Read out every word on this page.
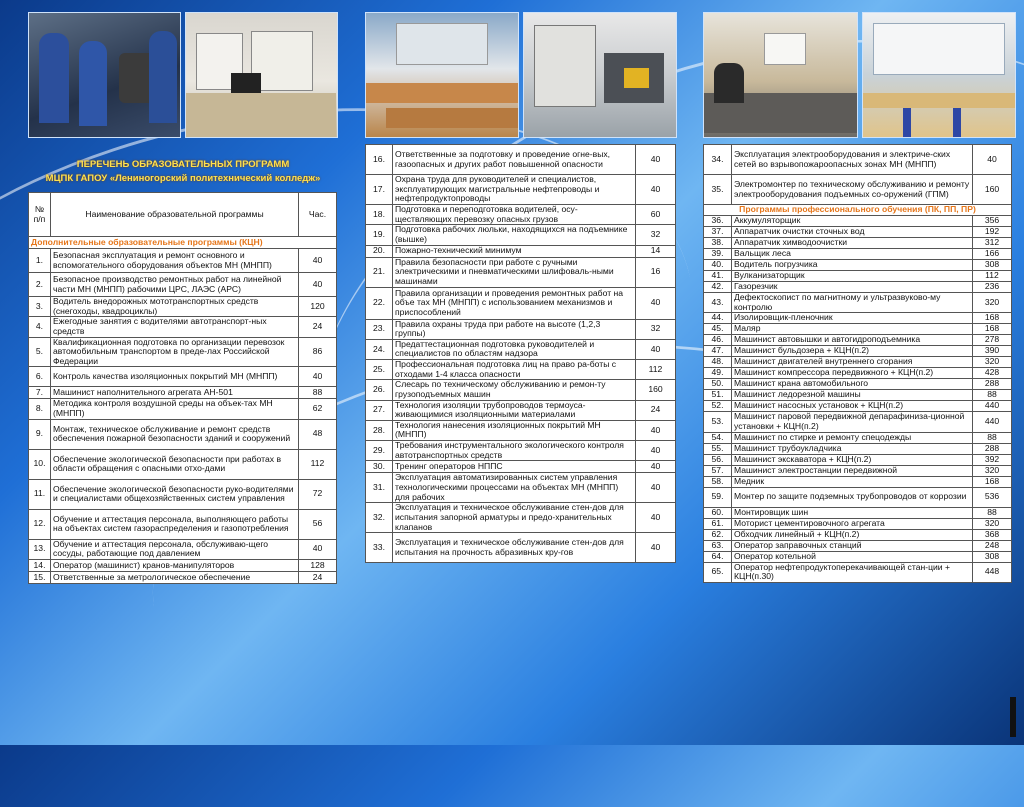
ПЕРЕЧЕНЬ ОБРАЗОВАТЕЛЬНЫХ ПРОГРАММ
МЦПК ГАПОУ «Лениногорский политехнический колледж»
№ п/п	Наименование образовательной программы	Час.
Дополнительные образовательные программы (КЦН)		
1.	Безопасная эксплуатация и ремонт основного и вспомогательного оборудования объектов МН (МНПП)	40
2.	Безопасное производство ремонтных работ на линейной части МН (МНПП) рабочими ЦРС, ЛАЭС (АРС)	40
3.	Водитель внедорожных мототранспортных средств (снегоходы, квадроциклы)	120
4.	Ежегодные занятия с водителями автотранспорт-ных средств	24
5.	Квалификационная подготовка по организации перевозок автомобильным транспортом в преде-лах Российской Федерации	86
6.	Контроль качества изоляционных покрытий МН (МНПП)	40
7.	Машинист наполнительного агрегата АН-501	88
8.	Методика контроля воздушной среды на объек-тах МН (МНПП)	62
9.	Монтаж, техническое обслуживание и ремонт средств обеспечения пожарной безопасности зданий и сооружений	48
10.	Обеспечение экологической безопасности при работах в области обращения с опасными отхо-дами	112
11.	Обеспечение экологической безопасности руко-водителями и специалистами общехозяйственных систем управления	72
12.	Обучение и аттестация персонала, выполняющего работы на объектах систем газораспределения и газопотребления	56
13.	Обучение и аттестация персонала, обслуживаю-щего сосуды, работающие под давлением	40
14.	Оператор (машинист) кранов-манипуляторов	128
15.	Ответственные за метрологическое обеспечение	24
16.	Ответственные за подготовку и проведение огне-вых, газоопасных и других работ повышенной опасности	40
17.	Охрана труда для руководителей и специалистов, эксплуатирующих магистральные нефтепроводы и нефтепродуктопроводы	40
18.	Подготовка и переподготовка водителей, осу-ществляющих перевозку опасных грузов	60
19.	Подготовка рабочих люльки, находящихся на подъемнике (вышке)	32
20.	Пожарно-технический минимум	14
21.	Правила безопасности при работе с ручными электрическими и пневматическими шлифоваль-ными машинами	16
22.	Правила организации и проведения ремонтных работ на объе тах МН (МНПП) с использованием механизмов и приспособлений	40
23.	Правила охраны труда при работе на высоте (1,2,3 группы)	32
24.	Предаттестационная подготовка руководителей и специалистов по областям надзора	40
25.	Профессиональная подготовка лиц на право ра-боты с отходами 1-4 класса опасности	112
26.	Слесарь по техническому обслуживанию и ремон-ту грузоподъемных машин	160
27.	Технология изоляции трубопроводов термоуса-живающимися изоляционными материалами	24
28.	Технология нанесения изоляционных покрытий МН (МНПП)	40
29.	Требования инструментального экологического контроля автотранспортных средств	40
30.	Тренинг операторов НППС	40
31.	Эксплуатация автоматизированных систем управления технологическими процессами на объектах МН (МНПП) для рабочих	40
32.	Эксплуатация и техническое обслуживание стен-дов для испытания запорной арматуры и предо-хранительных клапанов	40
33.	Эксплуатация и техническое обслуживание стен-дов для испытания на прочность абразивных кру-гов	40
34.	Эксплуатация электрооборудования и электриче-ских сетей во взрывопожароопасных зонах МН (МНПП)	40
35.	Электромонтер по техническому обслуживанию и ремонту электрооборудования подъемных со-оружений (ГПМ)	160
Программы профессионального обучения (ПК, ПП, ПР)		
36.	Аккумуляторщик	356
37.	Аппаратчик очистки сточных вод	192
38.	Аппаратчик химводоочистки	312
39.	Вальщик леса	166
40.	Водитель погрузчика	308
41.	Вулканизаторщик	112
42.	Газорезчик	236
43.	Дефектоскопист по магнитному и ультразвуково-му контролю	320
44.	Изолировщик-пленочник	168
45.	Маляр	168
46.	Машинист автовышки и автогидроподъемника	278
47.	Машинист бульдозера + КЦН(п.2)	390
48.	Машинист двигателей внутреннего сгорания	320
49.	Машинист компрессора передвижного + КЦН(п.2)	428
50.	Машинист крана автомобильного	288
51.	Машинист ледорезной машины	88
52.	Машинист насосных установок + КЦН(п.2)	440
53.	Машинист паровой передвижной депарафиниза-ционной установки + КЦН(п.2)	440
54.	Машинист по стирке и ремонту спецодежды	88
55.	Машинист трубоукладчика	288
56.	Машинист экскаватора + КЦН(п.2)	392
57.	Машинист электростанции передвижной	320
58.	Медник	168
59.	Монтер по защите подземных трубопроводов от коррозии	536
60.	Монтировщик шин	88
61.	Моторист цементировочного агрегата	320
62.	Обходчик линейный + КЦН(п.2)	368
63.	Оператор заправочных станций	248
64.	Оператор котельной	308
65.	Оператор нефтепродуктоперекачивающей стан-ции + КЦН(п.30)	448
